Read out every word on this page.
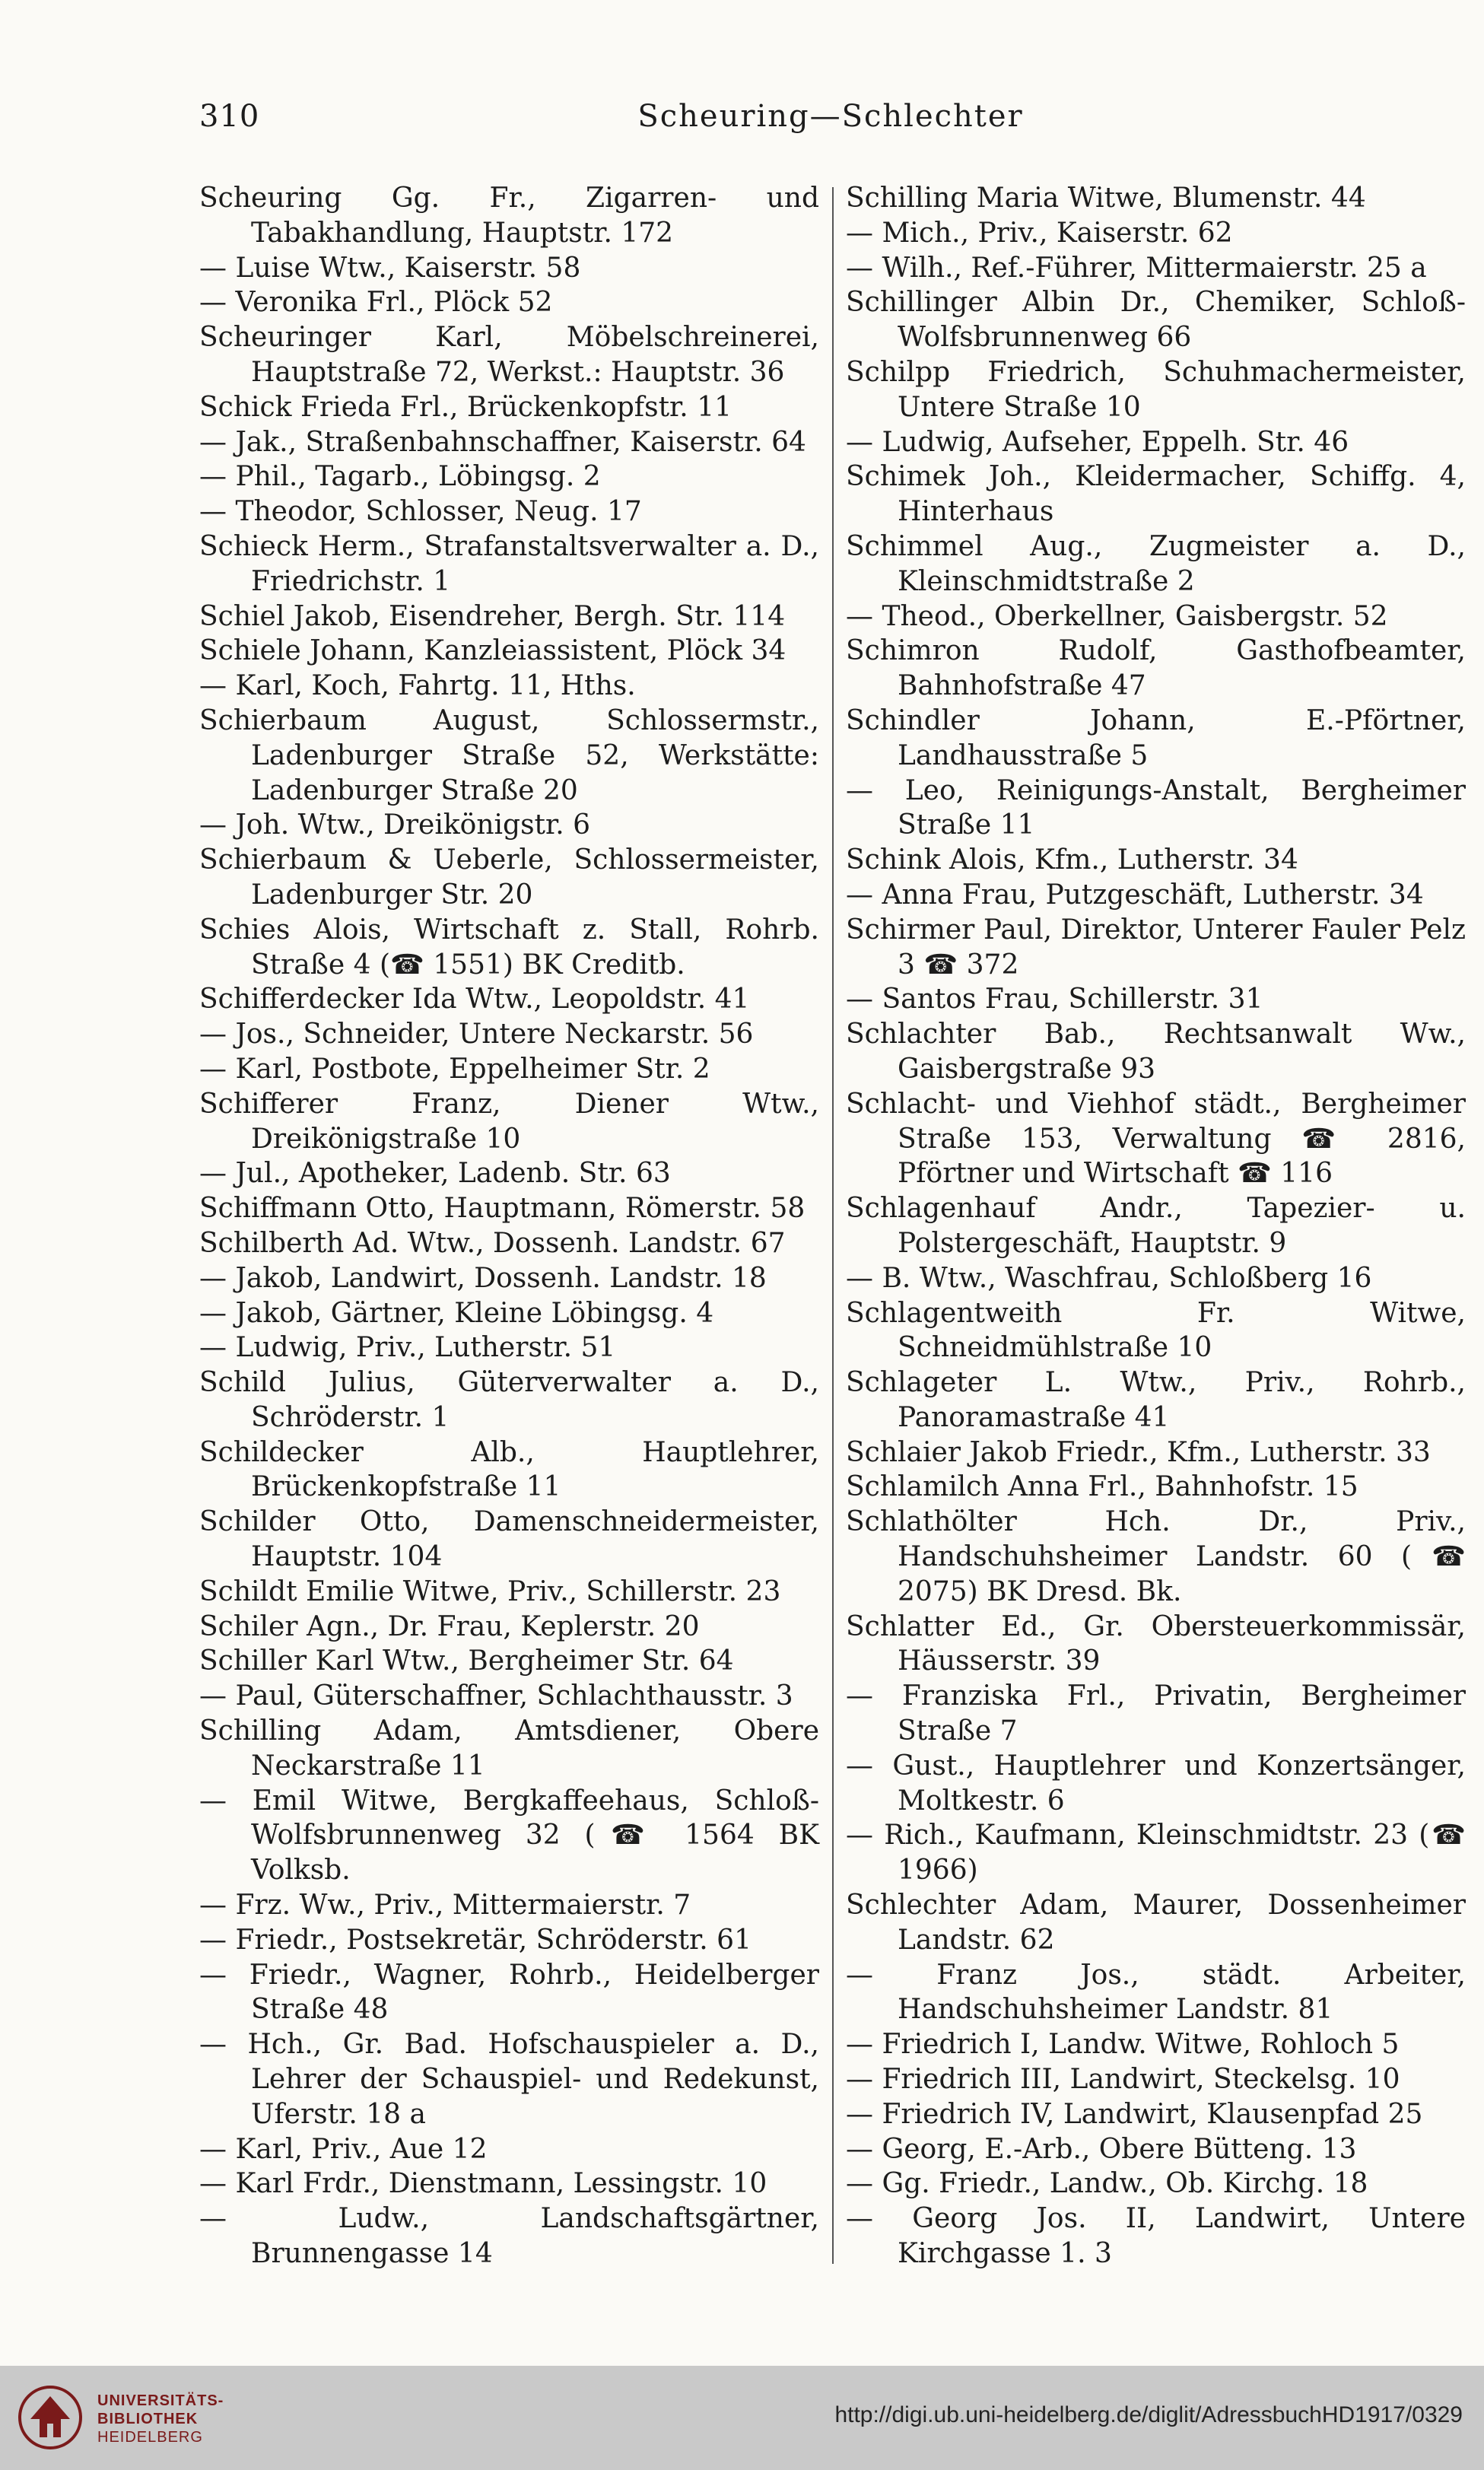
310	Scheuring—Schlechter
Scheuring Gg. Fr., Zigarren- und Tabakhandlung, Hauptstr. 172
— Luise Wtw., Kaiserstr. 58
— Veronika Frl., Plöck 52
Scheuringer Karl, Möbelschreinerei, Hauptstraße 72, Werkst.: Hauptstr. 36
Schick Frieda Frl., Brückenkopfstr. 11
— Jak., Straßenbahnschaffner, Kaiserstr. 64
— Phil., Tagarb., Löbingsg. 2
— Theodor, Schlosser, Neug. 17
Schieck Herm., Strafanstaltsverwalter a. D., Friedrichstr. 1
Schiel Jakob, Eisendreher, Bergh. Str. 114
Schiele Johann, Kanzleiassistent, Plöck 34
— Karl, Koch, Fahrtg. 11, Hths.
Schierbaum August, Schlossermstr., Ladenburger Straße 52, Werkstätte: Ladenburger Straße 20
— Joh. Wtw., Dreikönigstr. 6
Schierbaum & Ueberle, Schlossermeister, Ladenburger Str. 20
Schies Alois, Wirtschaft z. Stall, Rohrb. Straße 4 (☎ 1551) BK Creditb.
Schifferdecker Ida Wtw., Leopoldstr. 41
— Jos., Schneider, Untere Neckarstr. 56
— Karl, Postbote, Eppelheimer Str. 2
Schifferer Franz, Diener Wtw., Dreikönigstraße 10
— Jul., Apotheker, Ladenb. Str. 63
Schiffmann Otto, Hauptmann, Römerstr. 58
Schilberth Ad. Wtw., Dossenh. Landstr. 67
— Jakob, Landwirt, Dossenh. Landstr. 18
— Jakob, Gärtner, Kleine Löbingsg. 4
— Ludwig, Priv., Lutherstr. 51
Schild Julius, Güterverwalter a. D., Schröderstr. 1
Schildecker Alb., Hauptlehrer, Brückenkopfstraße 11
Schilder Otto, Damenschneidermeister, Hauptstr. 104
Schildt Emilie Witwe, Priv., Schillerstr. 23
Schiler Agn., Dr. Frau, Keplerstr. 20
Schiller Karl Wtw., Bergheimer Str. 64
— Paul, Güterschaffner, Schlachthausstr. 3
Schilling Adam, Amtsdiener, Obere Neckarstraße 11
— Emil Witwe, Bergkaffeehaus, Schloß-Wolfsbrunnenweg 32 (☎ 1564 BK Volksb.
— Frz. Ww., Priv., Mittermaierstr. 7
— Friedr., Postsekretär, Schröderstr. 61
— Friedr., Wagner, Rohrb., Heidelberger Straße 48
— Hch., Gr. Bad. Hofschauspieler a. D., Lehrer der Schauspiel- und Redekunst, Uferstr. 18 a
— Karl, Priv., Aue 12
— Karl Frdr., Dienstmann, Lessingstr. 10
— Ludw., Landschaftsgärtner, Brunnengasse 14
Schilling Maria Witwe, Blumenstr. 44
— Mich., Priv., Kaiserstr. 62
— Wilh., Ref.-Führer, Mittermaierstr. 25 a
Schillinger Albin Dr., Chemiker, Schloß-Wolfsbrunnenweg 66
Schilpp Friedrich, Schuhmachermeister, Untere Straße 10
— Ludwig, Aufseher, Eppelh. Str. 46
Schimek Joh., Kleidermacher, Schiffg. 4, Hinterhaus
Schimmel Aug., Zugmeister a. D., Kleinschmidtstraße 2
— Theod., Oberkellner, Gaisbergstr. 52
Schimron Rudolf, Gasthofbeamter, Bahnhofstraße 47
Schindler Johann, E.-Pförtner, Landhausstraße 5
— Leo, Reinigungs-Anstalt, Bergheimer Straße 11
Schink Alois, Kfm., Lutherstr. 34
— Anna Frau, Putzgeschäft, Lutherstr. 34
Schirmer Paul, Direktor, Unterer Fauler Pelz 3 ☎ 372
— Santos Frau, Schillerstr. 31
Schlachter Bab., Rechtsanwalt Ww., Gaisbergstraße 93
Schlacht- und Viehhof städt., Bergheimer Straße 153, Verwaltung ☎ 2816, Pförtner und Wirtschaft ☎ 116
Schlagenhauf Andr., Tapezier- u. Polstergeschäft, Hauptstr. 9
— B. Wtw., Waschfrau, Schloßberg 16
Schlagentweith Fr. Witwe, Schneidmühlstraße 10
Schlageter L. Wtw., Priv., Rohrb., Panoramastraße 41
Schlaier Jakob Friedr., Kfm., Lutherstr. 33
Schlamilch Anna Frl., Bahnhofstr. 15
Schlathölter Hch. Dr., Priv., Handschuhsheimer Landstr. 60 (☎ 2075) BK Dresd. Bk.
Schlatter Ed., Gr. Obersteuerkommissär, Häusserstr. 39
— Franziska Frl., Privatin, Bergheimer Straße 7
— Gust., Hauptlehrer und Konzertsänger, Moltkestr. 6
— Rich., Kaufmann, Kleinschmidtstr. 23 (☎ 1966)
Schlechter Adam, Maurer, Dossenheimer Landstr. 62
— Franz Jos., städt. Arbeiter, Handschuhsheimer Landstr. 81
— Friedrich I, Landw. Witwe, Rohloch 5
— Friedrich III, Landwirt, Steckelsg. 10
— Friedrich IV, Landwirt, Klausenpfad 25
— Georg, E.-Arb., Obere Bütteng. 13
— Gg. Friedr., Landw., Ob. Kirchg. 18
— Georg Jos. II, Landwirt, Untere Kirchgasse 1. 3
UNIVERSITÄTS-
BIBLIOTHEK
HEIDELBERG
http://digi.ub.uni-heidelberg.de/diglit/AdressbuchHD1917/0329
